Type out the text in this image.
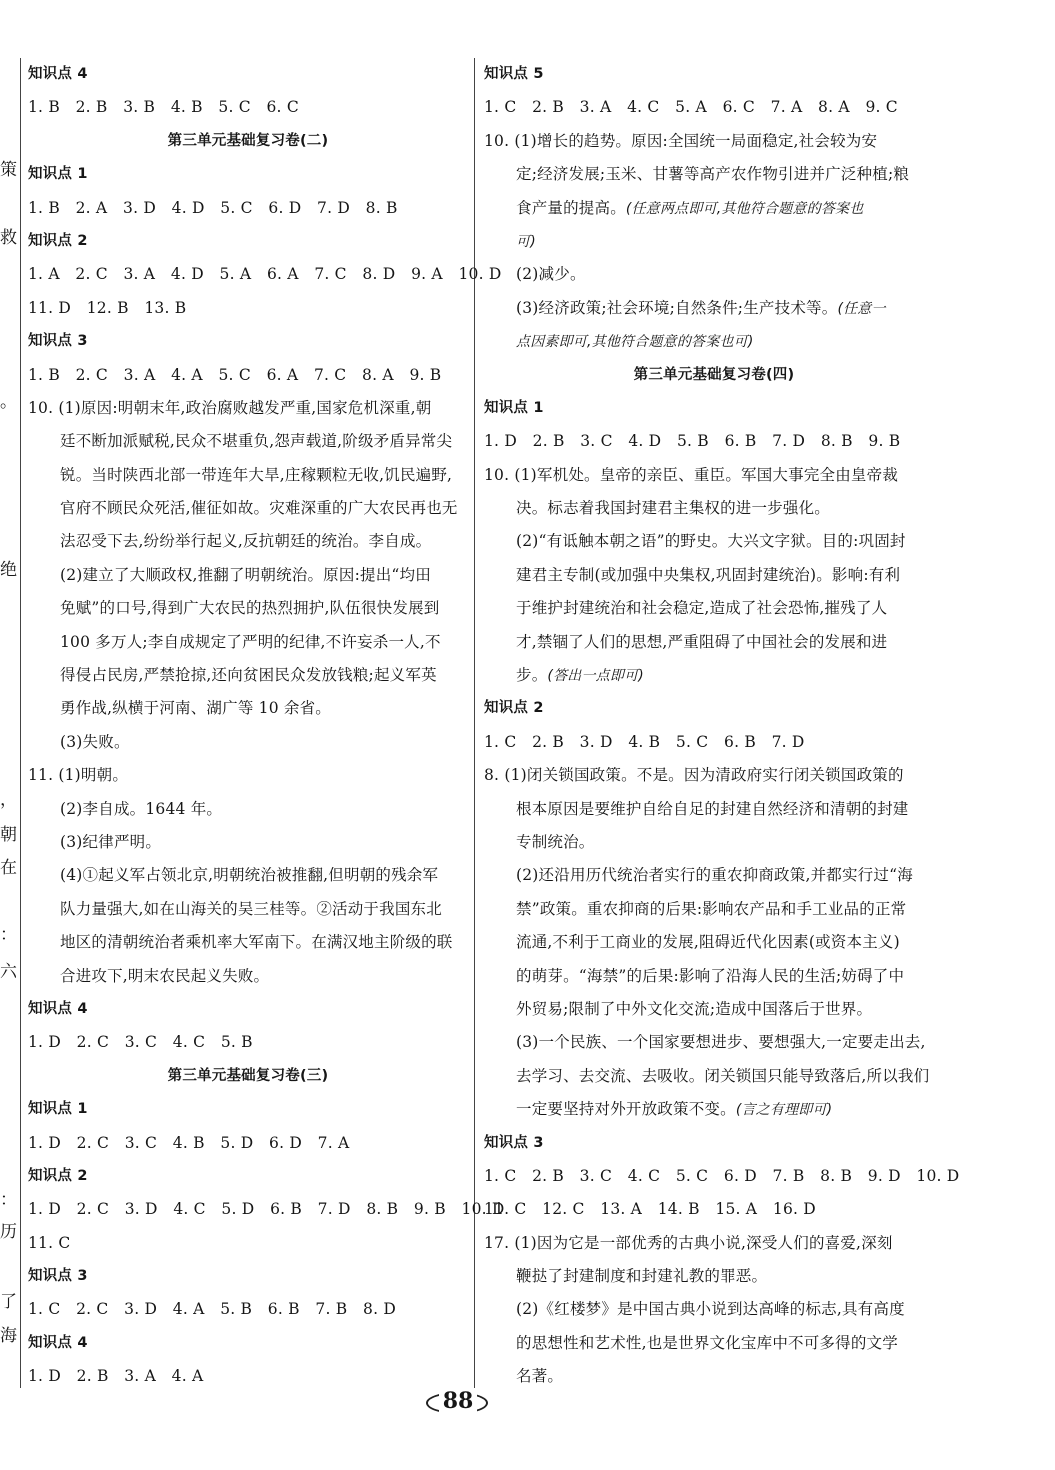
策
救
。
绝
，
朝
在
：
六
：
历
了
海
知识点 4
1. B　2. B　3. B　4. B　5. C　6. C
第三单元基础复习卷(二)
知识点 1
1. B　2. A　3. D　4. D　5. C　6. D　7. D　8. B
知识点 2
1. A　2. C　3. A　4. D　5. A　6. A　7. C　8. D　9. A　10. D
11. D　12. B　13. B
知识点 3
1. B　2. C　3. A　4. A　5. C　6. A　7. C　8. A　9. B
10. (1)原因:明朝末年,政治腐败越发严重,国家危机深重,朝
廷不断加派赋税,民众不堪重负,怨声载道,阶级矛盾异常尖
锐。当时陕西北部一带连年大旱,庄稼颗粒无收,饥民遍野,
官府不顾民众死活,催征如故。灾难深重的广大农民再也无
法忍受下去,纷纷举行起义,反抗朝廷的统治。李自成。
(2)建立了大顺政权,推翻了明朝统治。原因:提出“均田
免赋”的口号,得到广大农民的热烈拥护,队伍很快发展到
100 多万人;李自成规定了严明的纪律,不许妄杀一人,不
得侵占民房,严禁抢掠,还向贫困民众发放钱粮;起义军英
勇作战,纵横于河南、湖广等 10 余省。
(3)失败。
11. (1)明朝。
(2)李自成。1644 年。
(3)纪律严明。
(4)①起义军占领北京,明朝统治被推翻,但明朝的残余军
队力量强大,如在山海关的吴三桂等。②活动于我国东北
地区的清朝统治者乘机率大军南下。在满汉地主阶级的联
合进攻下,明末农民起义失败。
知识点 4
1. D　2. C　3. C　4. C　5. B
第三单元基础复习卷(三)
知识点 1
1. D　2. C　3. C　4. B　5. D　6. D　7. A
知识点 2
1. D　2. C　3. D　4. C　5. D　6. B　7. D　8. B　9. B　10. D
11. C
知识点 3
1. C　2. C　3. D　4. A　5. B　6. B　7. B　8. D
知识点 4
1. D　2. B　3. A　4. A
知识点 5
1. C　2. B　3. A　4. C　5. A　6. C　7. A　8. A　9. C
10. (1)增长的趋势。原因:全国统一局面稳定,社会较为安
定;经济发展;玉米、甘薯等高产农作物引进并广泛种植;粮
食产量的提高。(任意两点即可,其他符合题意的答案也
可)
(2)减少。
(3)经济政策;社会环境;自然条件;生产技术等。(任意一
点因素即可,其他符合题意的答案也可)
第三单元基础复习卷(四)
知识点 1
1. D　2. B　3. C　4. D　5. B　6. B　7. D　8. B　9. B
10. (1)军机处。皇帝的亲臣、重臣。军国大事完全由皇帝裁
决。标志着我国封建君主集权的进一步强化。
(2)“有诋触本朝之语”的野史。大兴文字狱。目的:巩固封
建君主专制(或加强中央集权,巩固封建统治)。影响:有利
于维护封建统治和社会稳定,造成了社会恐怖,摧残了人
才,禁锢了人们的思想,严重阻碍了中国社会的发展和进
步。(答出一点即可)
知识点 2
1. C　2. B　3. D　4. B　5. C　6. B　7. D
8. (1)闭关锁国政策。不是。因为清政府实行闭关锁国政策的
根本原因是要维护自给自足的封建自然经济和清朝的封建
专制统治。
(2)还沿用历代统治者实行的重农抑商政策,并都实行过“海
禁”政策。重农抑商的后果:影响农产品和手工业品的正常
流通,不利于工商业的发展,阻碍近代化因素(或资本主义)
的萌芽。“海禁”的后果:影响了沿海人民的生活;妨碍了中
外贸易;限制了中外文化交流;造成中国落后于世界。
(3)一个民族、一个国家要想进步、要想强大,一定要走出去,
去学习、去交流、去吸收。闭关锁国只能导致落后,所以我们
一定要坚持对外开放政策不变。(言之有理即可)
知识点 3
1. C　2. B　3. C　4. C　5. C　6. D　7. B　8. B　9. D　10. D
11. C　12. C　13. A　14. B　15. A　16. D
17. (1)因为它是一部优秀的古典小说,深受人们的喜爱,深刻
鞭挞了封建制度和封建礼教的罪恶。
(2)《红楼梦》是中国古典小说到达高峰的标志,具有高度
的思想性和艺术性,也是世界文化宝库中不可多得的文学
名著。
88
